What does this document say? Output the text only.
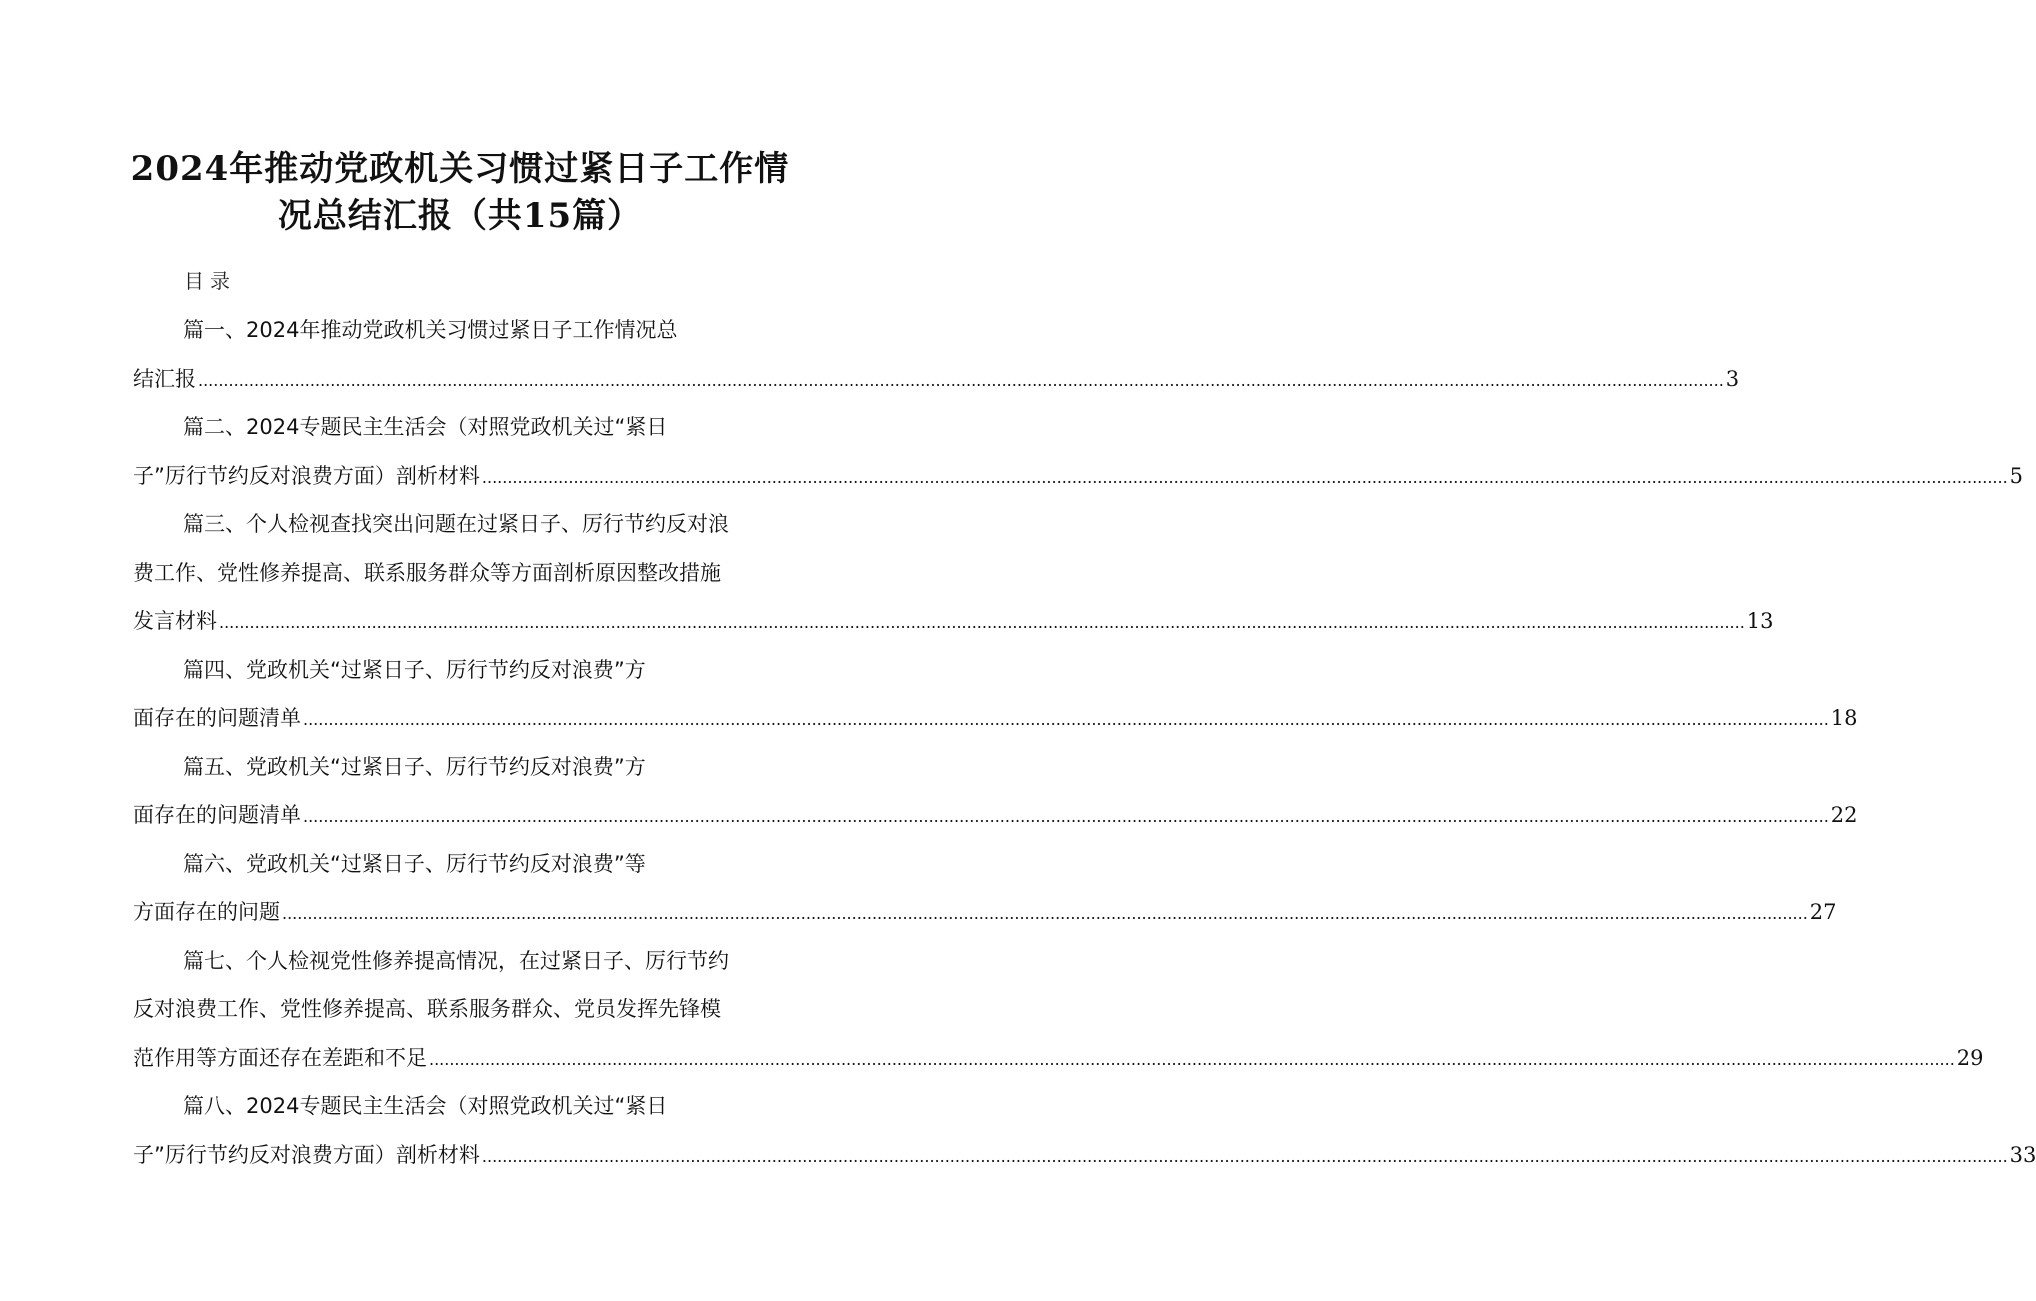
2024年推动党政机关习惯过紧日子工作情
况总结汇报（共15篇）
目录
篇一、2024年推动党政机关习惯过紧日子工作情况总
结汇报 ............................................................................................................................................................................................................................................................................................................ 3
篇二、2024专题民主生活会（对照党政机关过“紧日
子”厉行节约反对浪费方面）剖析材料 ............................................................................................................................................................................................................................................................................................................ 5
篇三、个人检视查找突出问题在过紧日子、厉行节约反对浪
费工作、党性修养提高、联系服务群众等方面剖析原因整改措施
发言材料 ............................................................................................................................................................................................................................................................................................................ 13
篇四、党政机关“过紧日子、厉行节约反对浪费”方
面存在的问题清单 ............................................................................................................................................................................................................................................................................................................ 18
篇五、党政机关“过紧日子、厉行节约反对浪费”方
面存在的问题清单 ............................................................................................................................................................................................................................................................................................................ 22
篇六、党政机关“过紧日子、厉行节约反对浪费”等
方面存在的问题 ............................................................................................................................................................................................................................................................................................................ 27
篇七、个人检视党性修养提高情况，在过紧日子、厉行节约
反对浪费工作、党性修养提高、联系服务群众、党员发挥先锋模
范作用等方面还存在差距和不足 ............................................................................................................................................................................................................................................................................................................ 29
篇八、2024专题民主生活会（对照党政机关过“紧日
子”厉行节约反对浪费方面）剖析材料 ............................................................................................................................................................................................................................................................................................................ 33
